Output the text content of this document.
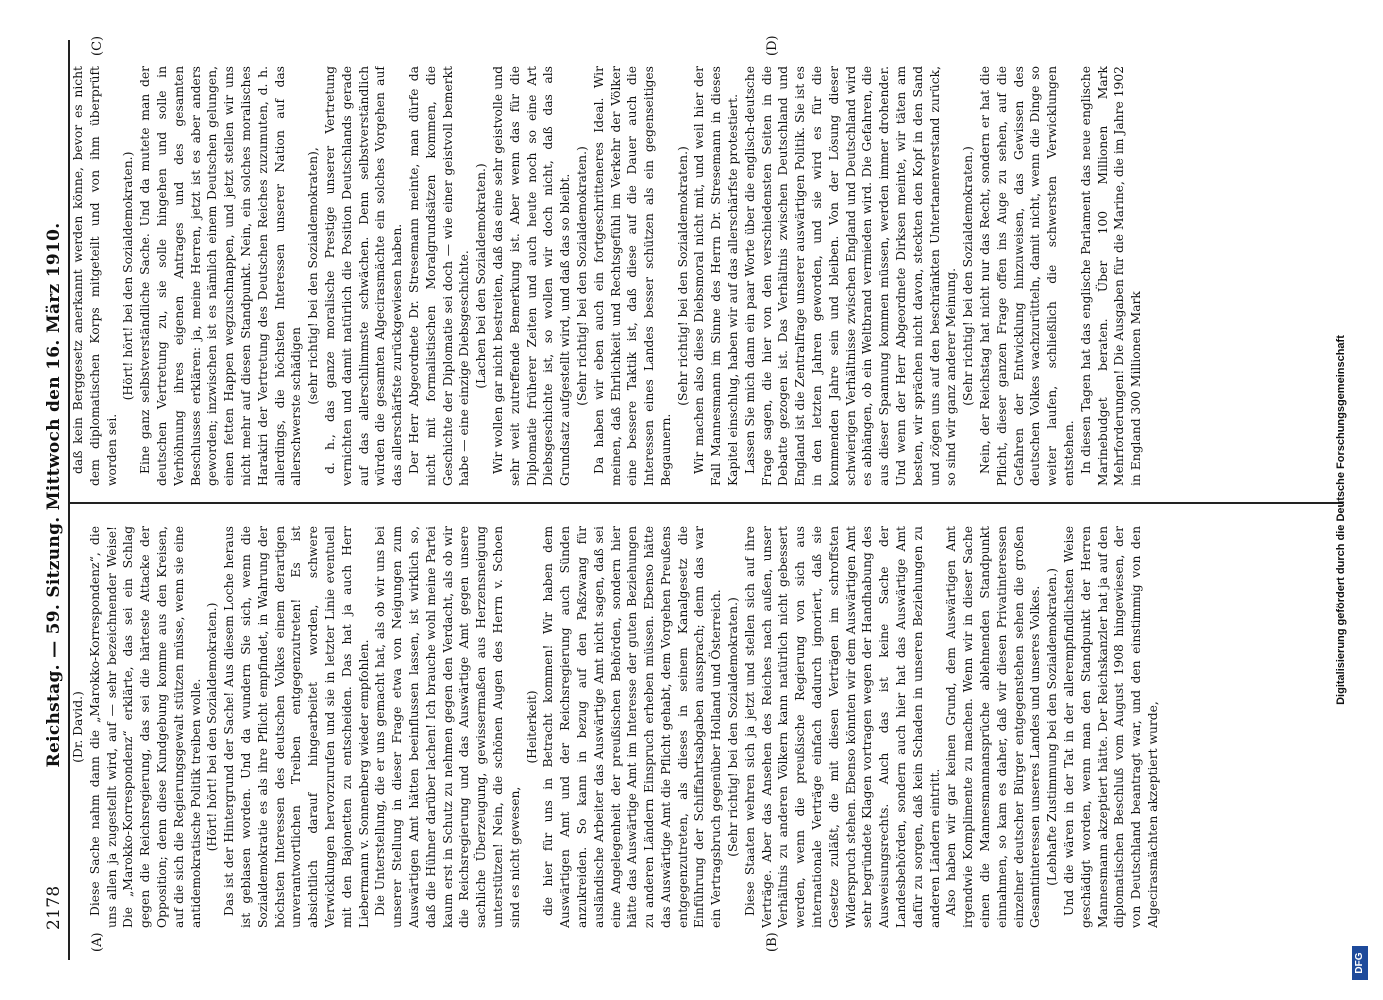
2178
Reichstag. — 59. Sitzung. Mittwoch den 16. März 1910.
(A)	(B)
(C)	(D)

(Dr. David.) Diese Sache nahm dann die „Marokko-Korrespondenz“, die uns allen ja zugestellt wird, auf — sehr bezeichnender Weise! Die „Marokko-Korrespondenz“ erklärte, das sei ein Schlag gegen die Reichsregierung, das sei die härteste Attacke der Opposition; denn diese Kundgebung komme aus den Kreisen, auf die sich die Regierungsgewalt stützen müsse, wenn sie eine antidemokratische Politik treiben wolle. (Hört! hört! bei den Sozialdemokraten.) Das ist der Hintergrund der Sache! Aus diesem Loche heraus ist geblasen worden. Und da wundern Sie sich, wenn die Sozialdemokratie es als ihre Pflicht empfindet, in Wahrung der höchsten Interessen des deutschen Volkes einem derartigen unverantwortlichen Treiben entgegenzutreten! Es ist absichtlich darauf hingearbeitet worden, schwere Verwicklungen hervorzurufen und sie in letzter Linie eventuell mit den Bajonetten zu entscheiden. Das hat ja auch Herr Liebermann v. Sonnenberg wieder empfohlen. Die Unterstellung, die er uns gemacht hat, als ob wir uns bei unserer Stellung in dieser Frage etwa von Neigungen zum Auswärtigen Amt hätten beeinflussen lassen, ist wirklich so, daß die Hühner darüber lachen! Ich brauche wohl meine Partei kaum erst in Schutz zu nehmen gegen den Verdacht, als ob wir die Reichsregierung und das Auswärtige Amt gegen unsere sachliche Überzeugung, gewissermaßen aus Herzensneigung unterstützen! Nein, die schönen Augen des Herrn v. Schoen sind es nicht gewesen,

(Heiterkeit) die hier für uns in Betracht kommen! Wir haben dem Auswärtigen Amt und der Reichsregierung auch Sünden anzukreiden. So kann in bezug auf den Paßzwang für ausländische Arbeiter das Auswärtige Amt nicht sagen, daß sei eine Angelegenheit der preußischen Behörden, sondern hier hätte das Auswärtige Amt im Interesse der guten Beziehungen zu anderen Ländern Einspruch erheben müssen. Ebenso hätte das Auswärtige Amt die Pflicht gehabt, dem Vorgehen Preußens entgegenzutreten, als dieses in seinem Kanalgesetz die Einführung der Schiffahrtsabgaben aussprach; denn das war ein Vertragsbruch gegenüber Holland und Österreich. (Sehr richtig! bei den Sozialdemokraten.) Diese Staaten wehren sich ja jetzt und stellen sich auf ihre Verträge. Aber das Ansehen des Reiches nach außen, unser Verhältnis zu anderen Völkern kann natürlich nicht gebessert werden, wenn die preußische Regierung von sich aus internationale Verträge einfach dadurch ignoriert, daß sie Gesetze zuläßt, die mit diesen Verträgen im schroffsten Widerspruch stehen. Ebenso könnten wir dem Auswärtigen Amt sehr begründete Klagen vortragen wegen der Handhabung des Ausweisungsrechts. Auch das ist keine Sache der Landesbehörden, sondern auch hier hat das Auswärtige Amt dafür zu sorgen, daß kein Schaden in unseren Beziehungen zu anderen Ländern eintritt. Also haben wir gar keinen Grund, dem Auswärtigen Amt irgendwie Komplimente zu machen. Wenn wir in dieser Sache einen die Mannesmannansprüche ablehnenden Standpunkt einnahmen, so kam es daher, daß wir diesen Privatinteressen einzelner deutscher Bürger entgegenstehen sehen die großen Gesamtinteressen unseres Landes und unseres Volkes. (Lebhafte Zustimmung bei den Sozialdemokraten.) Und die wären in der Tat in der allerempfindlichsten Weise geschädigt worden, wenn man den Standpunkt der Herren Mannesmann akzeptiert hätte. Der Reichskanzler hat ja auf den diplomatischen Beschluß vom August 1908 hingewiesen, der von Deutschland beantragt war, und den einstimmig von den Algecirasmächten akzeptiert wurde,

daß kein Berggesetz anerkannt werden könne, bevor es nicht dem diplomatischen Korps mitgeteilt und von ihm überprüft worden sei.

(Hört! hört! bei den Sozialdemokraten.) Eine ganz selbstverständliche Sache. Und da mutete man der deutschen Vertretung zu, sie solle hingehen und solle in Verhöhnung ihres eigenen Antrages und des gesamten Beschlusses erklären: ja, meine Herren, jetzt ist es aber anders geworden; inzwischen ist es nämlich einem Deutschen gelungen, einen fetten Happen wegzuschnappen, und jetzt stellen wir uns nicht mehr auf diesen Standpunkt. Nein, ein solches moralisches Harakiri der Vertretung des Deutschen Reiches zuzumuten, d. h. allerdings, die höchsten Interessen unserer Nation auf das allerschwerste schädigen

(sehr richtig! bei den Sozialdemokraten), d. h., das ganze moralische Prestige unserer Vertretung vernichten und damit natürlich die Position Deutschlands gerade auf das allerschlimmste schwächen. Denn selbstverständlich würden die gesamten Algecirasmächte ein solches Vorgehen auf das allerschärfste zurückgewiesen haben. Der Herr Abgeordnete Dr. Stresemann meinte, man dürfe da nicht mit formalistischen Moralgrundsätzen kommen, die Geschichte der Diplomatie sei doch — wie einer geistvoll bemerkt habe — eine einzige Diebsgeschichte. (Lachen bei den Sozialdemokraten.) Wir wollen gar nicht bestreiten, daß das eine sehr geistvolle und sehr weit zutreffende Bemerkung ist. Aber wenn das für die Diplomatie früherer Zeiten und auch heute noch so eine Art Diebsgeschichte ist, so wollen wir doch nicht, daß das als Grundsatz aufgestellt wird, und daß das so bleibt. (Sehr richtig! bei den Sozialdemokraten.) Da haben wir eben auch ein fortgeschritteneres Ideal. Wir meinen, daß Ehrlichkeit und Rechtsgefühl im Verkehr der Völker eine bessere Taktik ist, daß diese auf die Dauer auch die Interessen eines Landes besser schützen als ein gegenseitiges Begaunern.

(Sehr richtig! bei den Sozialdemokraten.) Wir machen also diese Diebsmoral nicht mit, und weil hier der Fall Mannesmann im Sinne des Herrn Dr. Stresemann in dieses Kapitel einschlug, haben wir auf das allerschärfste protestiert. Lassen Sie mich dann ein paar Worte über die englisch-deutsche Frage sagen, die hier von den verschiedensten Seiten in die Debatte gezogen ist. Das Verhältnis zwischen Deutschland und England ist die Zentralfrage unserer auswärtigen Politik. Sie ist es in den letzten Jahren geworden, und sie wird es für die kommenden Jahre sein und bleiben. Von der Lösung dieser schwierigen Verhältnisse zwischen England und Deutschland wird es abhängen, ob ein Weltbrand vermieden wird. Die Gefahren, die aus dieser Spannung kommen müssen, werden immer drohender. Und wenn der Herr Abgeordnete Dirksen meinte, wir täten am besten, wir sprächen nicht davon, steckten den Kopf in den Sand und zögen uns auf den beschränkten Untertanenverstand zurück, so sind wir ganz anderer Meinung. (Sehr richtig! bei den Sozialdemokraten.) Nein, der Reichstag hat nicht nur das Recht, sondern er hat die Pflicht, dieser ganzen Frage offen ins Auge zu sehen, auf die Gefahren der Entwicklung hinzuweisen, das Gewissen des deutschen Volkes wachzurütteln, damit nicht, wenn die Dinge so weiter laufen, schließlich die schwersten Verwicklungen entstehen. In diesen Tagen hat das englische Parlament das neue englische Marinebudget beraten. Über 100 Millionen Mark Mehrforderungen! Die Ausgaben für die Marine, die im Jahre 1902 in England 300 Millionen Mark

DFG
Digitalisierung gefördert durch die Deutsche Forschungsgemeinschaft
